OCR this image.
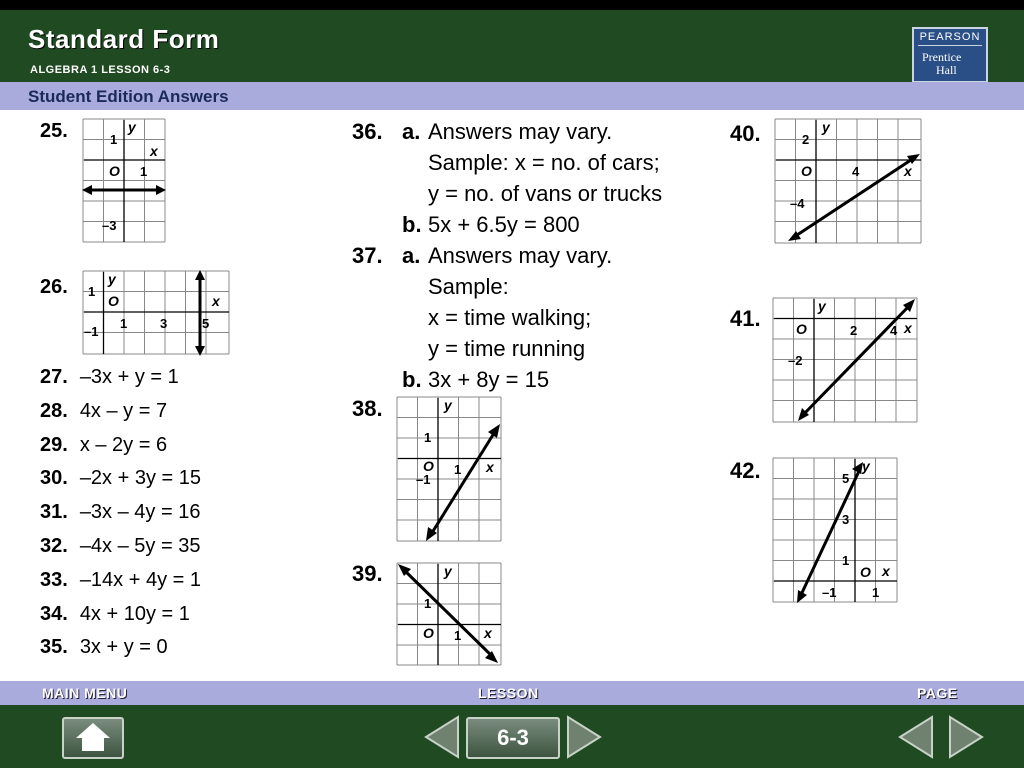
Standard Form
ALGEBRA 1 LESSON 6-3
PEARSON
Prentice
Hall
Student Edition Answers
25.	y
x
O
1
1
–3
26.	y
x
O
1
1	3	5
–1
27. –3x + y = 1
28. 4x – y = 7
29. x – 2y = 6
30. –2x + 3y = 15
31. –3x – 4y = 16
32. –4x – 5y = 35
33. –14x + 4y = 1
34. 4x + 10y = 1
35. 3x + y = 0
36. a. Answers may vary.
Sample: x = no. of cars;
y = no. of vans or trucks
b. 5x + 6.5y = 800
37. a. Answers may vary.
Sample:
x = time walking;
y = time running
b. 3x + 8y = 15
38.	y
x
O
1
1
–1
39.	y
x
O
1
1
40.	y
x
O
2
4
–4
41.	y
x
O	2	4
–2
42.	y
x
O
5
3
1
–1	1
MAIN MENU	LESSON	PAGE
6-3
